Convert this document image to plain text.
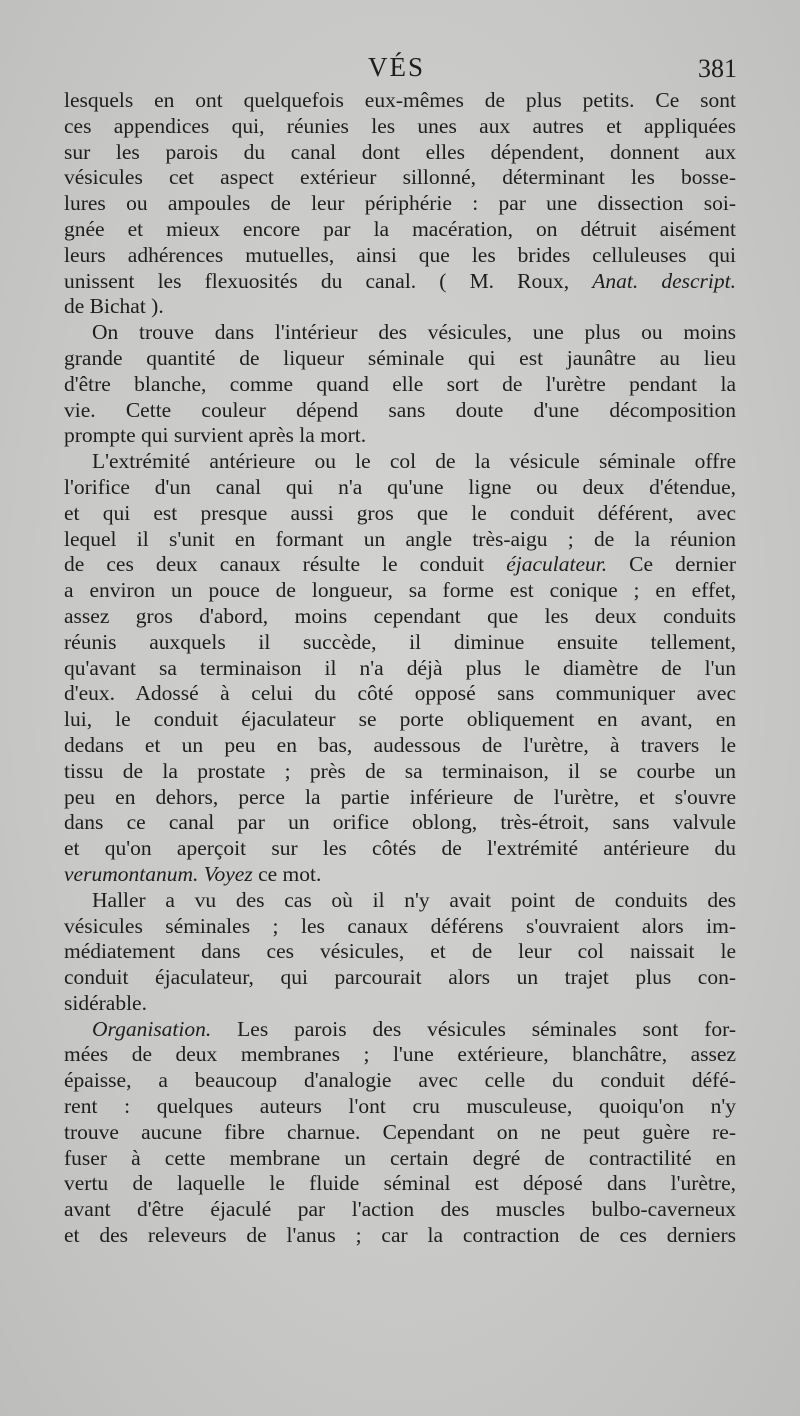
VÉS	381
lesquels en ont quelquefois eux-mêmes de plus petits. Ce sont
ces appendices qui, réunies les unes aux autres et appliquées
sur les parois du canal dont elles dépendent, donnent aux
vésicules cet aspect extérieur sillonné, déterminant les bosse-
lures ou ampoules de leur périphérie : par une dissection soi-
gnée et mieux encore par la macération, on détruit aisément
leurs adhérences mutuelles, ainsi que les brides celluleuses qui
unissent les flexuosités du canal. ( M. Roux, Anat. descript.
de Bichat ).
On trouve dans l'intérieur des vésicules, une plus ou moins
grande quantité de liqueur séminale qui est jaunâtre au lieu
d'être blanche, comme quand elle sort de l'urètre pendant la
vie. Cette couleur dépend sans doute d'une décomposition
prompte qui survient après la mort.
L'extrémité antérieure ou le col de la vésicule séminale offre
l'orifice d'un canal qui n'a qu'une ligne ou deux d'étendue,
et qui est presque aussi gros que le conduit déférent, avec
lequel il s'unit en formant un angle très-aigu ; de la réunion
de ces deux canaux résulte le conduit éjaculateur. Ce dernier
a environ un pouce de longueur, sa forme est conique ; en effet,
assez gros d'abord, moins cependant que les deux conduits
réunis auxquels il succède, il diminue ensuite tellement,
qu'avant sa terminaison il n'a déjà plus le diamètre de l'un
d'eux. Adossé à celui du côté opposé sans communiquer avec
lui, le conduit éjaculateur se porte obliquement en avant, en
dedans et un peu en bas, audessous de l'urètre, à travers le
tissu de la prostate ; près de sa terminaison, il se courbe un
peu en dehors, perce la partie inférieure de l'urètre, et s'ouvre
dans ce canal par un orifice oblong, très-étroit, sans valvule
et qu'on aperçoit sur les côtés de l'extrémité antérieure du
verumontanum. Voyez ce mot.
Haller a vu des cas où il n'y avait point de conduits des
vésicules séminales ; les canaux déférens s'ouvraient alors im-
médiatement dans ces vésicules, et de leur col naissait le
conduit éjaculateur, qui parcourait alors un trajet plus con-
sidérable.
Organisation. Les parois des vésicules séminales sont for-
mées de deux membranes ; l'une extérieure, blanchâtre, assez
épaisse, a beaucoup d'analogie avec celle du conduit défé-
rent : quelques auteurs l'ont cru musculeuse, quoiqu'on n'y
trouve aucune fibre charnue. Cependant on ne peut guère re-
fuser à cette membrane un certain degré de contractilité en
vertu de laquelle le fluide séminal est déposé dans l'urètre,
avant d'être éjaculé par l'action des muscles bulbo-caverneux
et des releveurs de l'anus ; car la contraction de ces derniers
